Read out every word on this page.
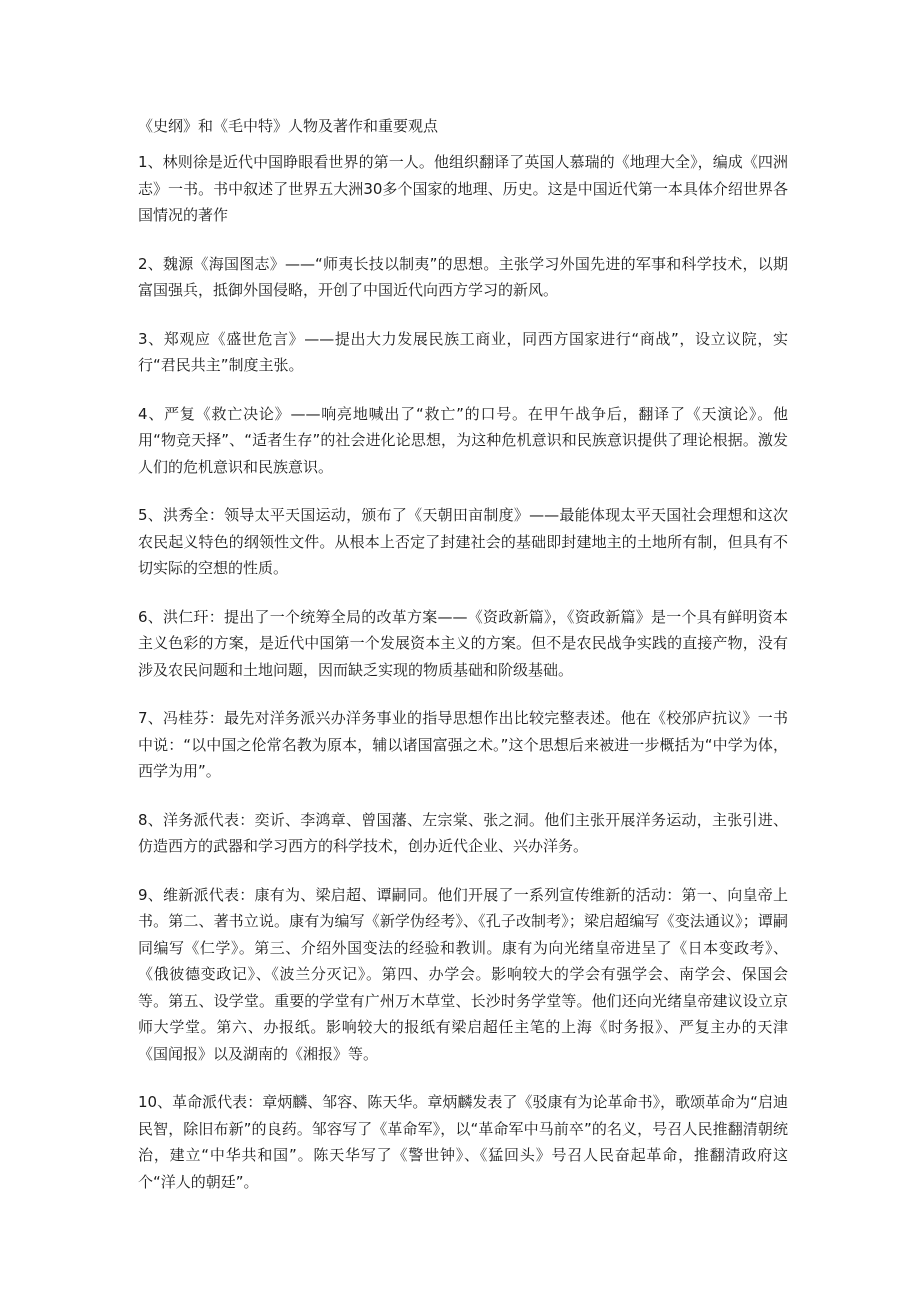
《史纲》和《毛中特》人物及著作和重要观点

1、林则徐是近代中国睁眼看世界的第一人。他组织翻译了英国人慕瑞的《地理大全》，编成《四洲志》一书。书中叙述了世界五大洲30多个国家的地理、历史。这是中国近代第一本具体介绍世界各国情况的著作

2、魏源《海国图志》——“师夷长技以制夷”的思想。主张学习外国先进的军事和科学技术，以期富国强兵，抵御外国侵略，开创了中国近代向西方学习的新风。

3、郑观应《盛世危言》——提出大力发展民族工商业，同西方国家进行“商战”，设立议院，实行“君民共主”制度主张。

4、严复《救亡决论》——响亮地喊出了“救亡”的口号。在甲午战争后，翻译了《天演论》。他用“物竞天择”、“适者生存”的社会进化论思想，为这种危机意识和民族意识提供了理论根据。激发人们的危机意识和民族意识。

5、洪秀全：领导太平天国运动，颁布了《天朝田亩制度》——最能体现太平天国社会理想和这次农民起义特色的纲领性文件。从根本上否定了封建社会的基础即封建地主的土地所有制，但具有不切实际的空想的性质。

6、洪仁玕：提出了一个统筹全局的改革方案——《资政新篇》，《资政新篇》是一个具有鲜明资本主义色彩的方案，是近代中国第一个发展资本主义的方案。但不是农民战争实践的直接产物，没有涉及农民问题和土地问题，因而缺乏实现的物质基础和阶级基础。

7、冯桂芬：最先对洋务派兴办洋务事业的指导思想作出比较完整表述。他在《校邠庐抗议》一书中说：“以中国之伦常名教为原本，辅以诸国富强之术。”这个思想后来被进一步概括为“中学为体，西学为用”。

8、洋务派代表：奕䜣、李鸿章、曾国藩、左宗棠、张之洞。他们主张开展洋务运动，主张引进、仿造西方的武器和学习西方的科学技术，创办近代企业、兴办洋务。

9、维新派代表：康有为、梁启超、谭嗣同。他们开展了一系列宣传维新的活动：第一、向皇帝上书。第二、著书立说。康有为编写《新学伪经考》、《孔子改制考》；梁启超编写《变法通议》；谭嗣同编写《仁学》。第三、介绍外国变法的经验和教训。康有为向光绪皇帝进呈了《日本变政考》、《俄彼德变政记》、《波兰分灭记》。第四、办学会。影响较大的学会有强学会、南学会、保国会等。第五、设学堂。重要的学堂有广州万木草堂、长沙时务学堂等。他们还向光绪皇帝建议设立京师大学堂。第六、办报纸。影响较大的报纸有梁启超任主笔的上海《时务报》、严复主办的天津《国闻报》以及湖南的《湘报》等。

10、革命派代表：章炳麟、邹容、陈天华。章炳麟发表了《驳康有为论革命书》，歌颂革命为“启迪民智，除旧布新”的良药。邹容写了《革命军》，以“革命军中马前卒”的名义，号召人民推翻清朝统治，建立“中华共和国”。陈天华写了《警世钟》、《猛回头》号召人民奋起革命，推翻清政府这个“洋人的朝廷”。
